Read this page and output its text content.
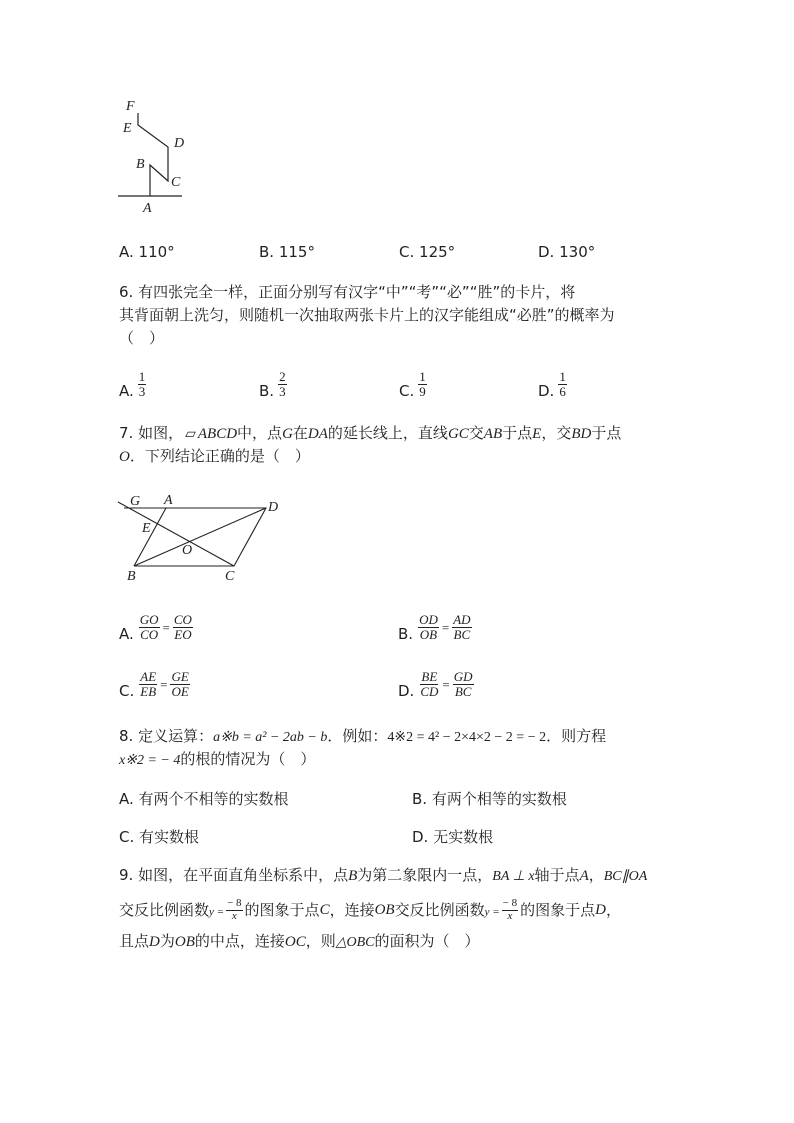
F
E
D
B
C
A
A. 110°	B. 115°	C. 125°	D. 130°
6. 有四张完全一样，正面分别写有汉字“中”“考”“必”“胜”的卡片，将
其背面朝上洗匀，则随机一次抽取两张卡片上的汉字能组成“必胜”的概率为
（　）
A. $\frac{1}{3}$	B. $\frac{2}{3}$	C. $\frac{1}{9}$	D. $\frac{1}{6}$
7. 如图， ▱ ABCD中，点G在DA的延长线上，直线GC交AB于点E，交BD于点
O．下列结论正确的是（　）
G A	D
E
O
B	C
A. $\frac{GO}{CO} = \frac{CO}{EO}$	B. $\frac{OD}{OB} = \frac{AD}{BC}$
C. $\frac{AE}{EB} = \frac{GE}{OE}$	D. $\frac{BE}{CD} = \frac{GD}{BC}$
8. 定义运算：a※b = a² − 2ab − b．例如：4※2 = 4² − 2×4×2 − 2 = − 2．则方程
x※2 = − 4的根的情况为（　）
A. 有两个不相等的实数根	B. 有两个相等的实数根
C. 有实数根	D. 无实数根
9. 如图，在平面直角坐标系中，点B为第二象限内一点，BA ⊥ x轴于点A，BC∥OA
交反比例函数 $y = \frac{- 8}{x}$ 的图象于点 C ，连接 OB 交反比例函数 $y = \frac{- 8}{x}$ 的图象于点 D ，
且点D为OB的中点，连接OC，则△OBC的面积为（　）
